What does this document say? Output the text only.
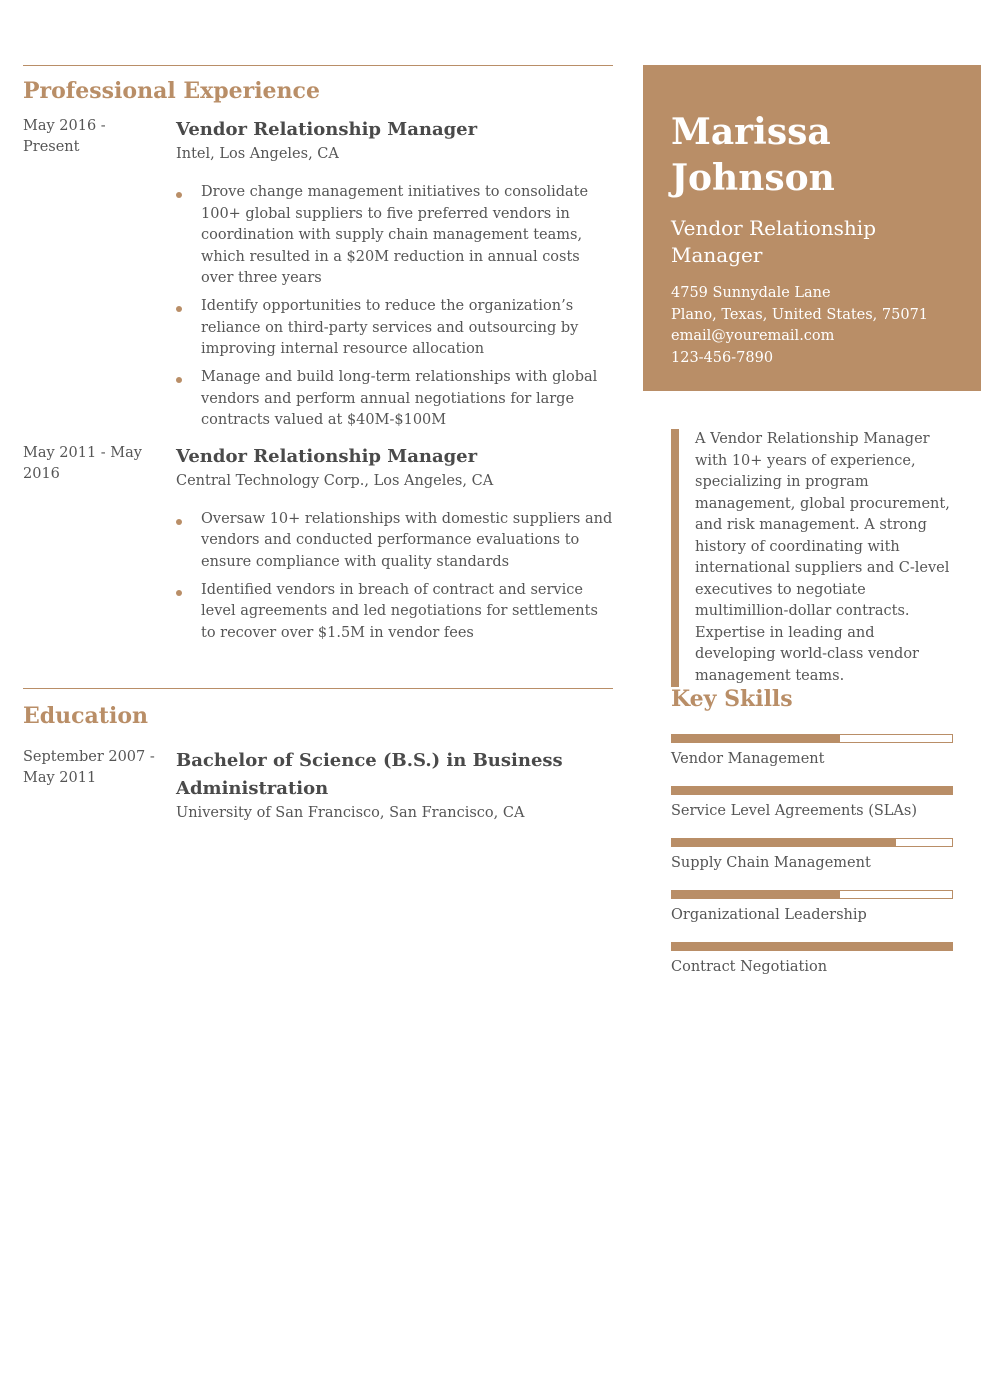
Professional Experience
May 2016 - Present
Vendor Relationship Manager
Intel, Los Angeles, CA
Drove change management initiatives to consolidate 100+ global suppliers to five preferred vendors in coordination with supply chain management teams, which resulted in a $20M reduction in annual costs over three years
Identify opportunities to reduce the organization’s reliance on third-party services and outsourcing by improving internal resource allocation
Manage and build long-term relationships with global vendors and perform annual negotiations for large contracts valued at $40M-$100M
May 2011 - May 2016
Vendor Relationship Manager
Central Technology Corp., Los Angeles, CA
Oversaw 10+ relationships with domestic suppliers and vendors and conducted performance evaluations to ensure compliance with quality standards
Identified vendors in breach of contract and service level agreements and led negotiations for settlements to recover over $1.5M in vendor fees
Education
September 2007 - May 2011
Bachelor of Science (B.S.) in Business Administration
University of San Francisco, San Francisco, CA
Marissa
Johnson
Vendor Relationship Manager
4759 Sunnydale Lane
Plano, Texas, United States, 75071
email@youremail.com
123-456-7890
A Vendor Relationship Manager with 10+ years of experience, specializing in program management, global procurement, and risk management. A strong history of coordinating with international suppliers and C-level executives to negotiate multimillion-dollar contracts. Expertise in leading and developing world-class vendor management teams.
Key Skills
Vendor Management
Service Level Agreements (SLAs)
Supply Chain Management
Organizational Leadership
Contract Negotiation
